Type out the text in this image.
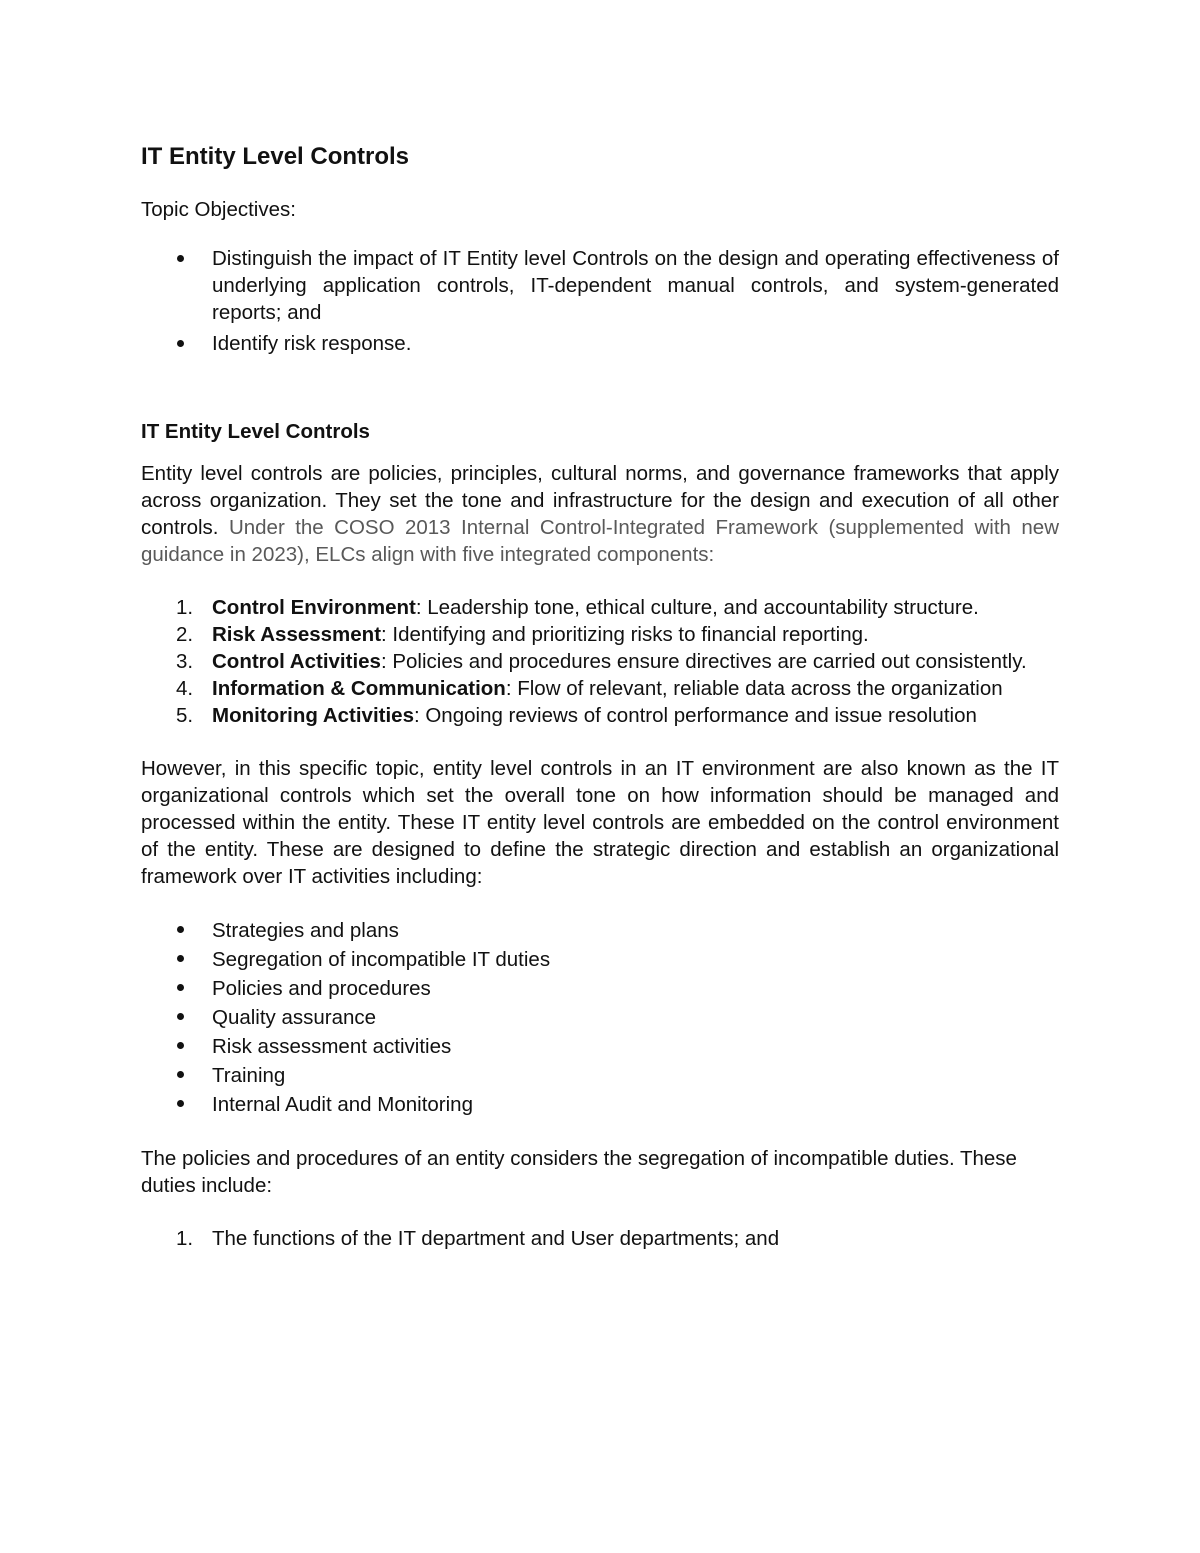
IT Entity Level Controls

Topic Objectives:

Distinguish the impact of IT Entity level Controls on the design and operating effectiveness of underlying application controls, IT-dependent manual controls, and system-generated reports; and
Identify risk response.
IT Entity Level Controls

Entity level controls are policies, principles, cultural norms, and governance frameworks that apply across organization. They set the tone and infrastructure for the design and execution of all other controls. Under the COSO 2013 Internal Control-Integrated Framework (supplemented with new guidance in 2023), ELCs align with five integrated components:

1. Control Environment: Leadership tone, ethical culture, and accountability structure.
2. Risk Assessment: Identifying and prioritizing risks to financial reporting.
3. Control Activities: Policies and procedures ensure directives are carried out consistently.
4. Information & Communication: Flow of relevant, reliable data across the organization
5. Monitoring Activities: Ongoing reviews of control performance and issue resolution

However, in this specific topic, entity level controls in an IT environment are also known as the IT organizational controls which set the overall tone on how information should be managed and processed within the entity. These IT entity level controls are embedded on the control environment of the entity. These are designed to define the strategic direction and establish an organizational framework over IT activities including:

Strategies and plans
Segregation of incompatible IT duties
Policies and procedures
Quality assurance
Risk assessment activities
Training
Internal Audit and Monitoring

The policies and procedures of an entity considers the segregation of incompatible duties. These duties include:

1. The functions of the IT department and User departments; and
